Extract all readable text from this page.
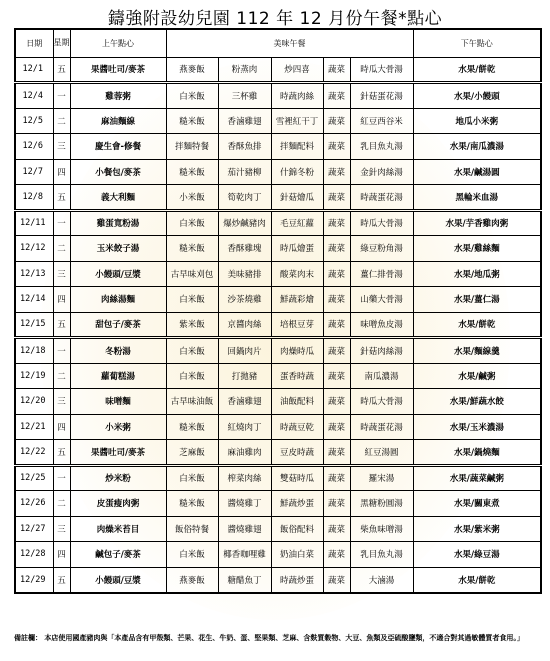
鑄強附設幼兒園 112 年 12 月份午餐*點心
日期	星期	上午點心	美味午餐					下午點心
12/1	五	果醬吐司/麥茶	燕麥飯	粉蒸肉	炒四喜	蔬菜	時瓜大骨湯	水果/餅乾
12/4	一	雞蓉粥	白米飯	三杯雞	時蔬肉絲	蔬菜	針菇蛋花湯	水果/小饅頭
12/5	二	麻油麵線	糙米飯	香滷雞翅	雪裡紅干丁	蔬菜	紅豆西谷米	地瓜小米粥
12/6	三	慶生會-修餐	拌麵特餐	香酥魚排	拌麵配料	蔬菜	乳目魚丸湯	水果/南瓜濃湯
12/7	四	小餐包/麥茶	糙米飯	茄汁豬柳	什錦冬粉	蔬菜	金針肉絲湯	水果/鹹湯圓
12/8	五	義大利麵	小米飯	筍乾肉丁	針菇燴瓜	蔬菜	時蔬蛋花湯	黑輪米血湯
12/11	一	雞蛋寬粉湯	白米飯	爆炒鹹豬肉	毛豆紅蘿	蔬菜	時瓜大骨湯	水果/芋香雞肉粥
12/12	二	玉米餃子湯	糙米飯	香酥雞塊	時瓜燴蛋	蔬菜	綠豆粉角湯	水果/雞絲麵
12/13	三	小饅頭/豆漿	古早味刈包	美味豬排	酸菜肉末	蔬菜	薑仁排骨湯	水果/地瓜粥
12/14	四	肉絲湯麵	白米飯	沙茶燒雞	鮮蔬彩燴	蔬菜	山藥大骨湯	水果/薑仁湯
12/15	五	甜包子/麥茶	紫米飯	京醬肉絲	培根豆芽	蔬菜	味噌魚皮湯	水果/餅乾
12/18	一	冬粉湯	白米飯	回鍋肉片	肉燥時瓜	蔬菜	針菇肉絲湯	水果/麵線羹
12/19	二	蘿蔔糕湯	白米飯	打拋豬	蛋香時蔬	蔬菜	南瓜濃湯	水果/鹹粥
12/20	三	味噌麵	古早味油飯	香滷雞翅	油飯配料	蔬菜	時瓜大骨湯	水果/鮮蔬水餃
12/21	四	小米粥	糙米飯	紅燒肉丁	時蔬豆乾	蔬菜	時蔬蛋花湯	水果/玉米濃湯
12/22	五	果醬吐司/麥茶	芝麻飯	麻油雞肉	豆皮時蔬	蔬菜	紅豆湯圓	水果/鍋燒麵
12/25	一	炒米粉	白米飯	榨菜肉絲	雙菇時瓜	蔬菜	羅宋湯	水果/蔬菜鹹粥
12/26	二	皮蛋瘦肉粥	糙米飯	醬燒雞丁	鮮蔬炒蛋	蔬菜	黑糖粉圓湯	水果/關東煮
12/27	三	肉燥米苔目	飯俗特餐	醬燒雞翅	飯俗配料	蔬菜	柴魚味噌湯	水果/紫米粥
12/28	四	鹹包子/麥茶	白米飯	椰香咖哩雞	奶油白菜	蔬菜	乳目魚丸湯	水果/綠豆湯
12/29	五	小饅頭/豆漿	燕麥飯	糖醋魚丁	時蔬炒蛋	蔬菜	大滷湯	水果/餅乾
備註欄： 本店使用國產豬肉與「本產品含有甲殼類、芒果、花生、牛奶、蛋、堅果類、芝麻、含麩質穀物、大豆、魚類及亞硫酸鹽類，不適合對其過敏體質者食用。」
